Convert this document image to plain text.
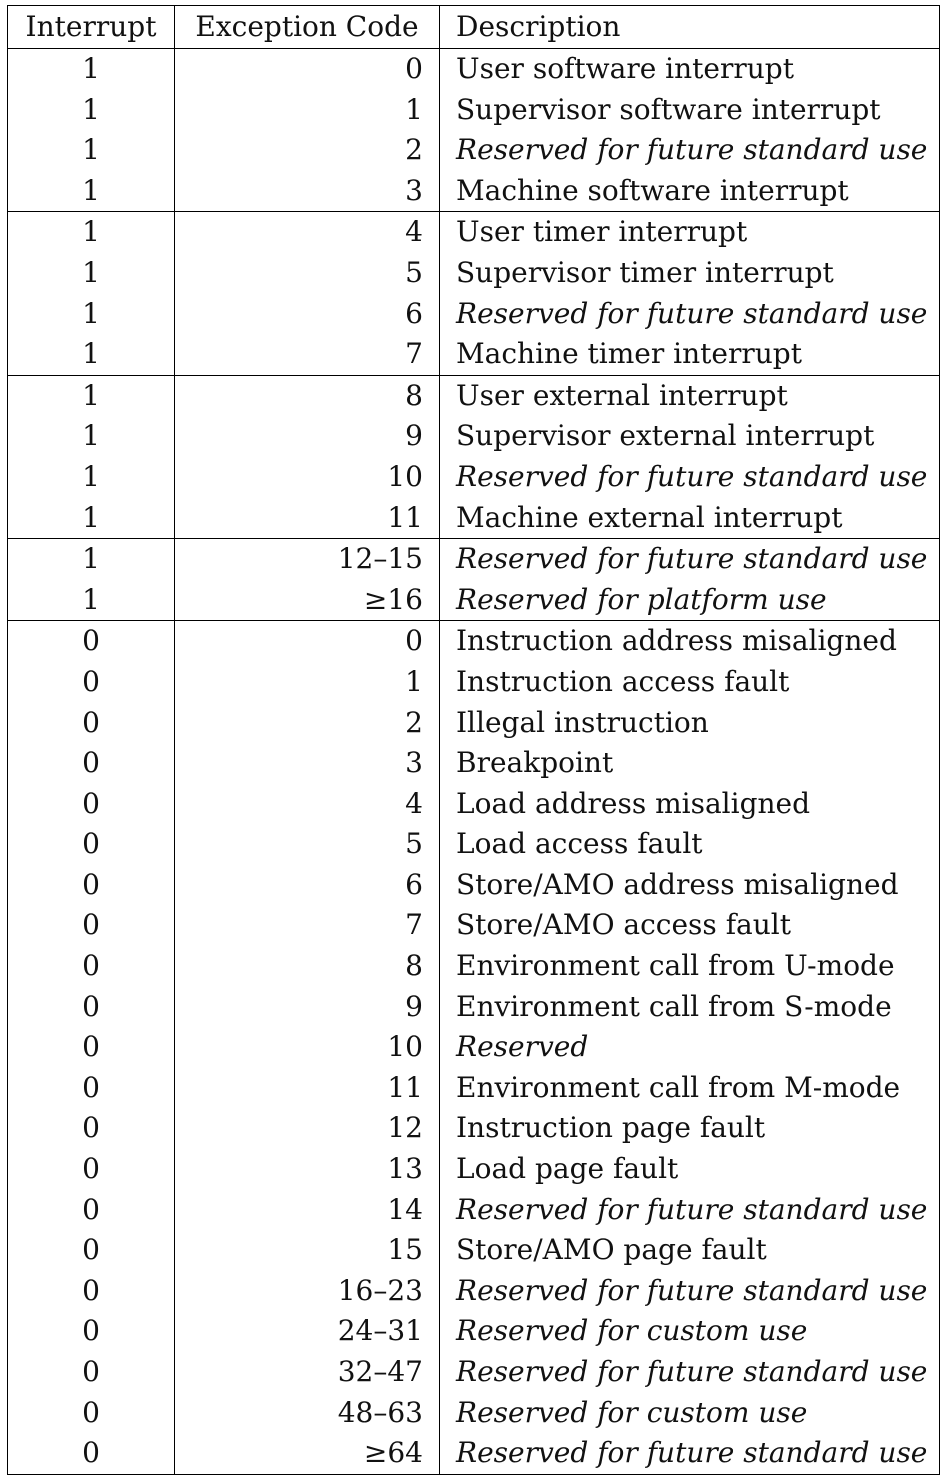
Interrupt	Exception Code	Description
1	0	User software interrupt
1	1	Supervisor software interrupt
1	2	Reserved for future standard use
1	3	Machine software interrupt
1	4	User timer interrupt
1	5	Supervisor timer interrupt
1	6	Reserved for future standard use
1	7	Machine timer interrupt
1	8	User external interrupt
1	9	Supervisor external interrupt
1	10	Reserved for future standard use
1	11	Machine external interrupt
1	12–15	Reserved for future standard use
1	≥16	Reserved for platform use
0	0	Instruction address misaligned
0	1	Instruction access fault
0	2	Illegal instruction
0	3	Breakpoint
0	4	Load address misaligned
0	5	Load access fault
0	6	Store/AMO address misaligned
0	7	Store/AMO access fault
0	8	Environment call from U-mode
0	9	Environment call from S-mode
0	10	Reserved
0	11	Environment call from M-mode
0	12	Instruction page fault
0	13	Load page fault
0	14	Reserved for future standard use
0	15	Store/AMO page fault
0	16–23	Reserved for future standard use
0	24–31	Reserved for custom use
0	32–47	Reserved for future standard use
0	48–63	Reserved for custom use
0	≥64	Reserved for future standard use
